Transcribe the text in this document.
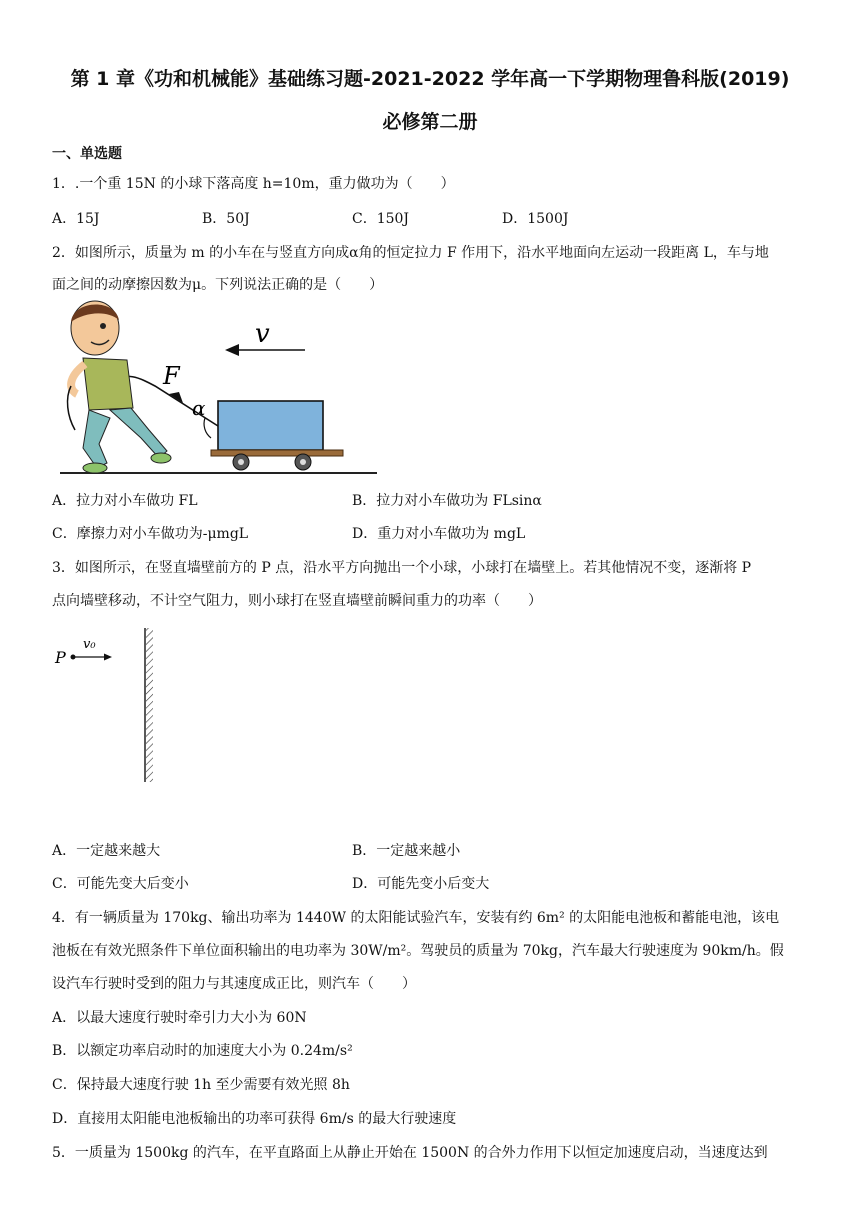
第 1 章《功和机械能》基础练习题-2021-2022 学年高一下学期物理鲁科版(2019)
必修第二册
一、单选题
1．.一个重 15N 的小球下落高度 h=10m，重力做功为（　　）
A．15J	B．50J	C．150J	D．1500J
2．如图所示，质量为 m 的小车在与竖直方向成α角的恒定拉力 F 作用下，沿水平地面向左运动一段距离 L，车与地
面之间的动摩擦因数为μ。下列说法正确的是（　　）
v
F
α
A．拉力对小车做功 FL	B．拉力对小车做功为 FLsinα
C．摩擦力对小车做功为-μmgL	D．重力对小车做功为 mgL
3．如图所示，在竖直墙壁前方的 P 点，沿水平方向抛出一个小球，小球打在墙壁上。若其他情况不变，逐渐将 P
点向墙壁移动，不计空气阻力，则小球打在竖直墙壁前瞬间重力的功率（　　）
P
v₀
A．一定越来越大	B．一定越来越小
C．可能先变大后变小	D．可能先变小后变大
4．有一辆质量为 170kg、输出功率为 1440W 的太阳能试验汽车，安装有约 6m² 的太阳能电池板和蓄能电池，该电
池板在有效光照条件下单位面积输出的电功率为 30W/m²。驾驶员的质量为 70kg，汽车最大行驶速度为 90km/h。假
设汽车行驶时受到的阻力与其速度成正比，则汽车（　　）
A．以最大速度行驶时牵引力大小为 60N
B．以额定功率启动时的加速度大小为 0.24m/s²
C．保持最大速度行驶 1h 至少需要有效光照 8h
D．直接用太阳能电池板输出的功率可获得 6m/s 的最大行驶速度
5．一质量为 1500kg 的汽车，在平直路面上从静止开始在 1500N 的合外力作用下以恒定加速度启动，当速度达到
